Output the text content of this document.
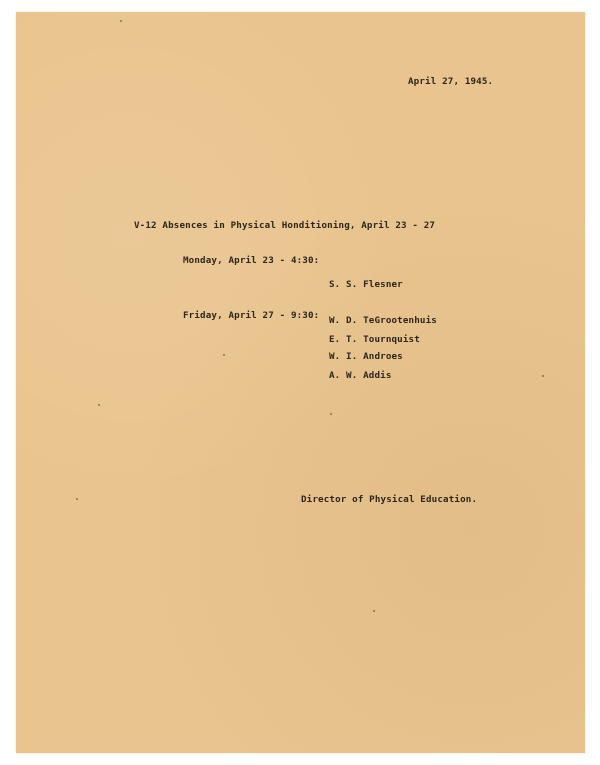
April 27, 1945.
V-12 Absences in Physical Honditioning, April 23 - 27

Monday, April 23 - 4:30:

S. S. Flesner

W. D. TeGrootenhuis

W. I. Androes

Friday, April 27 - 9:30:

E. T. Tournquist

A. W. Addis

Director of Physical Education.
